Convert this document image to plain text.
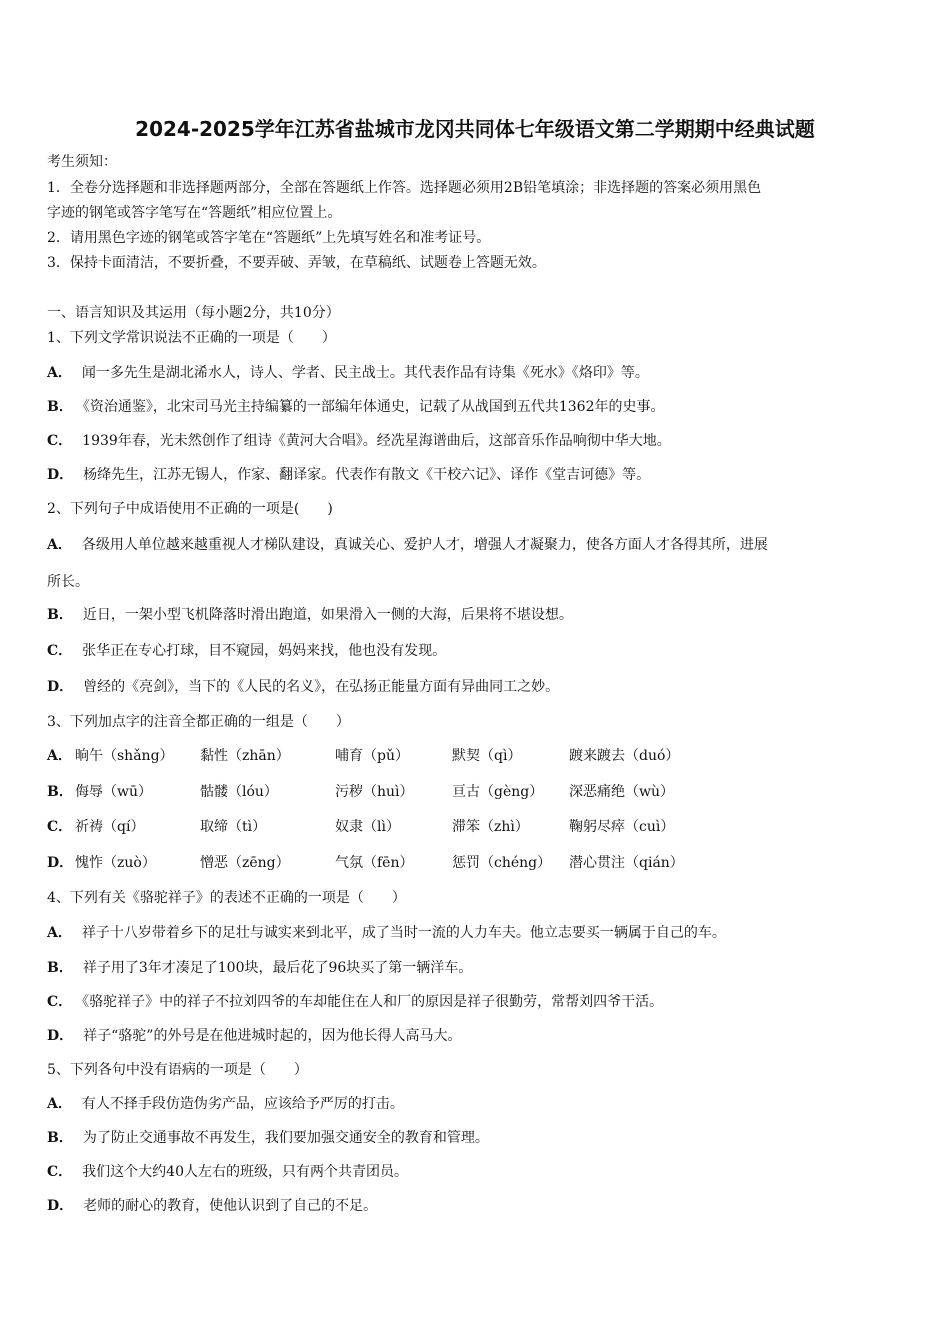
2024-2025学年江苏省盐城市龙冈共同体七年级语文第二学期期中经典试题
考生须知：
1．全卷分选择题和非选择题两部分，全部在答题纸上作答。选择题必须用2B铅笔填涂；非选择题的答案必须用黑色
字迹的钢笔或答字笔写在“答题纸”相应位置上。
2．请用黑色字迹的钢笔或答字笔在“答题纸”上先填写姓名和准考证号。
3．保持卡面清洁，不要折叠，不要弄破、弄皱，在草稿纸、试题卷上答题无效。
一、语言知识及其运用（每小题2分，共10分）
1、下列文学常识说法不正确的一项是（　　）
A． 闻一多先生是湖北浠水人，诗人、学者、民主战士。其代表作品有诗集《死水》《烙印》等。
B． 《资治通鉴》，北宋司马光主持编纂的一部编年体通史，记载了从战国到五代共1362年的史事。
C． 1939年春，光未然创作了组诗《黄河大合唱》。经冼星海谱曲后，这部音乐作品响彻中华大地。
D． 杨绛先生，江苏无锡人，作家、翻译家。代表作有散文《干校六记》、译作《堂吉诃德》等。
2、下列句子中成语使用不正确的一项是(　　)
A． 各级用人单位越来越重视人才梯队建设，真诚关心、爱护人才，增强人才凝聚力，使各方面人才各得其所，进展
所长。
B． 近日，一架小型飞机降落时滑出跑道，如果滑入一侧的大海，后果将不堪设想。
C． 张华正在专心打球，目不窥园，妈妈来找，他也没有发现。
D． 曾经的《亮剑》，当下的《人民的名义》，在弘扬正能量方面有异曲同工之妙。
3、下列加点字的注音全都正确的一组是（　　）
A． 晌午（shǎng） 黏性（zhān）	哺育（pǔ）	默契（qì）	踱来踱去（duó）
B． 侮辱（wū）	骷髅（lóu）	污秽（huì）	亘古（gèng） 深恶痛绝（wù）
C． 祈祷（qí）	取缔（tì）	奴隶（lì）	滞笨（zhì）	鞠躬尽瘁（cuì）
D． 愧怍（zuò）	憎恶（zēng）	气氛（fēn）	惩罚（chéng） 潜心贯注（qián）
4、下列有关《骆驼祥子》的表述不正确的一项是（　　）
A． 祥子十八岁带着乡下的足壮与诚实来到北平，成了当时一流的人力车夫。他立志要买一辆属于自己的车。
B． 祥子用了3年才凑足了100块，最后花了96块买了第一辆洋车。
C． 《骆驼祥子》中的祥子不拉刘四爷的车却能住在人和厂的原因是祥子很勤劳，常帮刘四爷干活。
D． 祥子“骆驼”的外号是在他进城时起的，因为他长得人高马大。
5、下列各句中没有语病的一项是（　　）
A． 有人不择手段仿造伪劣产品，应该给予严厉的打击。
B． 为了防止交通事故不再发生，我们要加强交通安全的教育和管理。
C． 我们这个大约40人左右的班级，只有两个共青团员。
D． 老师的耐心的教育，使他认识到了自己的不足。
